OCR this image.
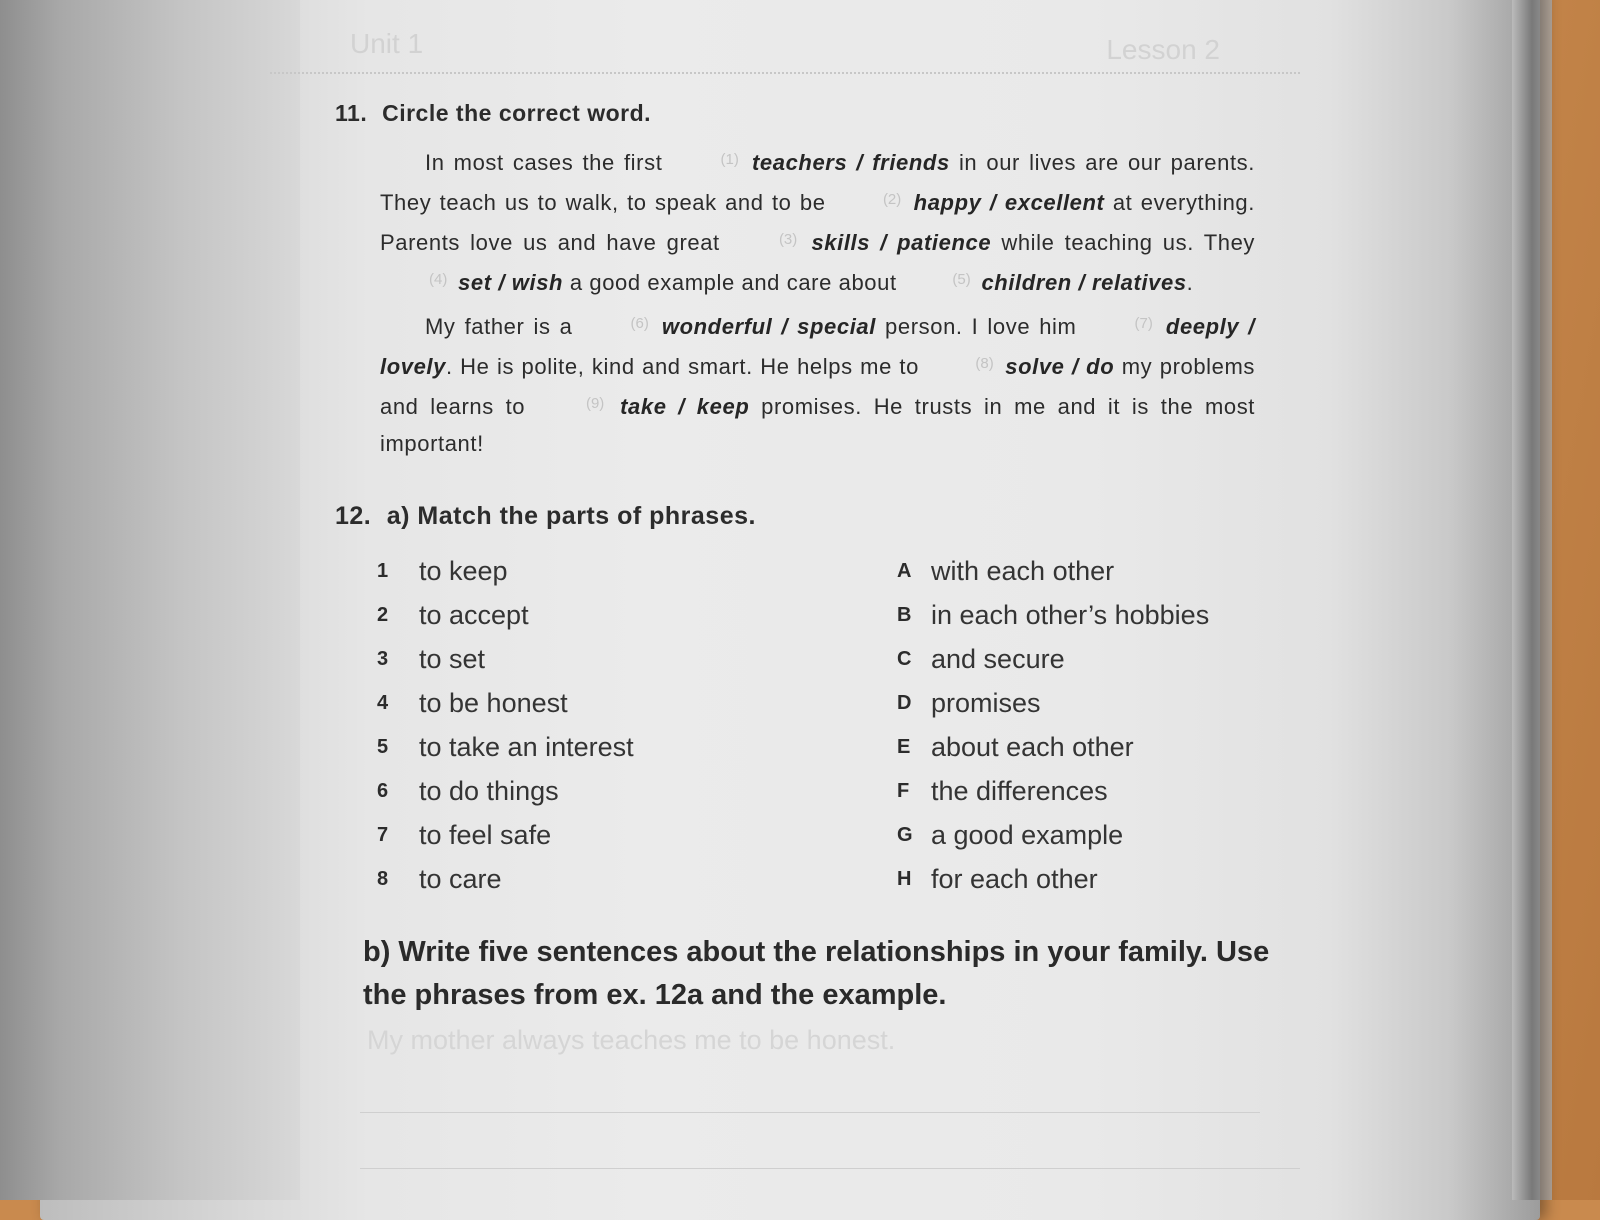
Unit 1	Lesson 2
11. Circle the correct word.
In most cases the first	(1) teachers / friends in our lives are our parents. They teach us to walk, to speak and to be	(2) happy / excellent at everything. Parents love us and have great	(3) skills / patience while teaching us. They (4) set / wish a good example and care about	(5) children / relatives.
My father is a	(6) wonderful / special person. I love him	(7) deeply / lovely. He is polite, kind and smart. He helps me to	(8) solve / do my problems and learns to	(9) take / keep promises. He trusts in me and it is the most important!
12. a) Match the parts of phrases.
1	to keep	A with each other
2	to accept	B in each other’s hobbies
3	to set	C and secure
4	to be honest	D promises
5	to take an interest	E about each other
6	to do things	F the differences
7	to feel safe	G a good example
8	to care	H for each other
b) Write five sentences about the relationships in your family. Use the phrases from ex. 12a and the example.
My mother always teaches me to be honest.
